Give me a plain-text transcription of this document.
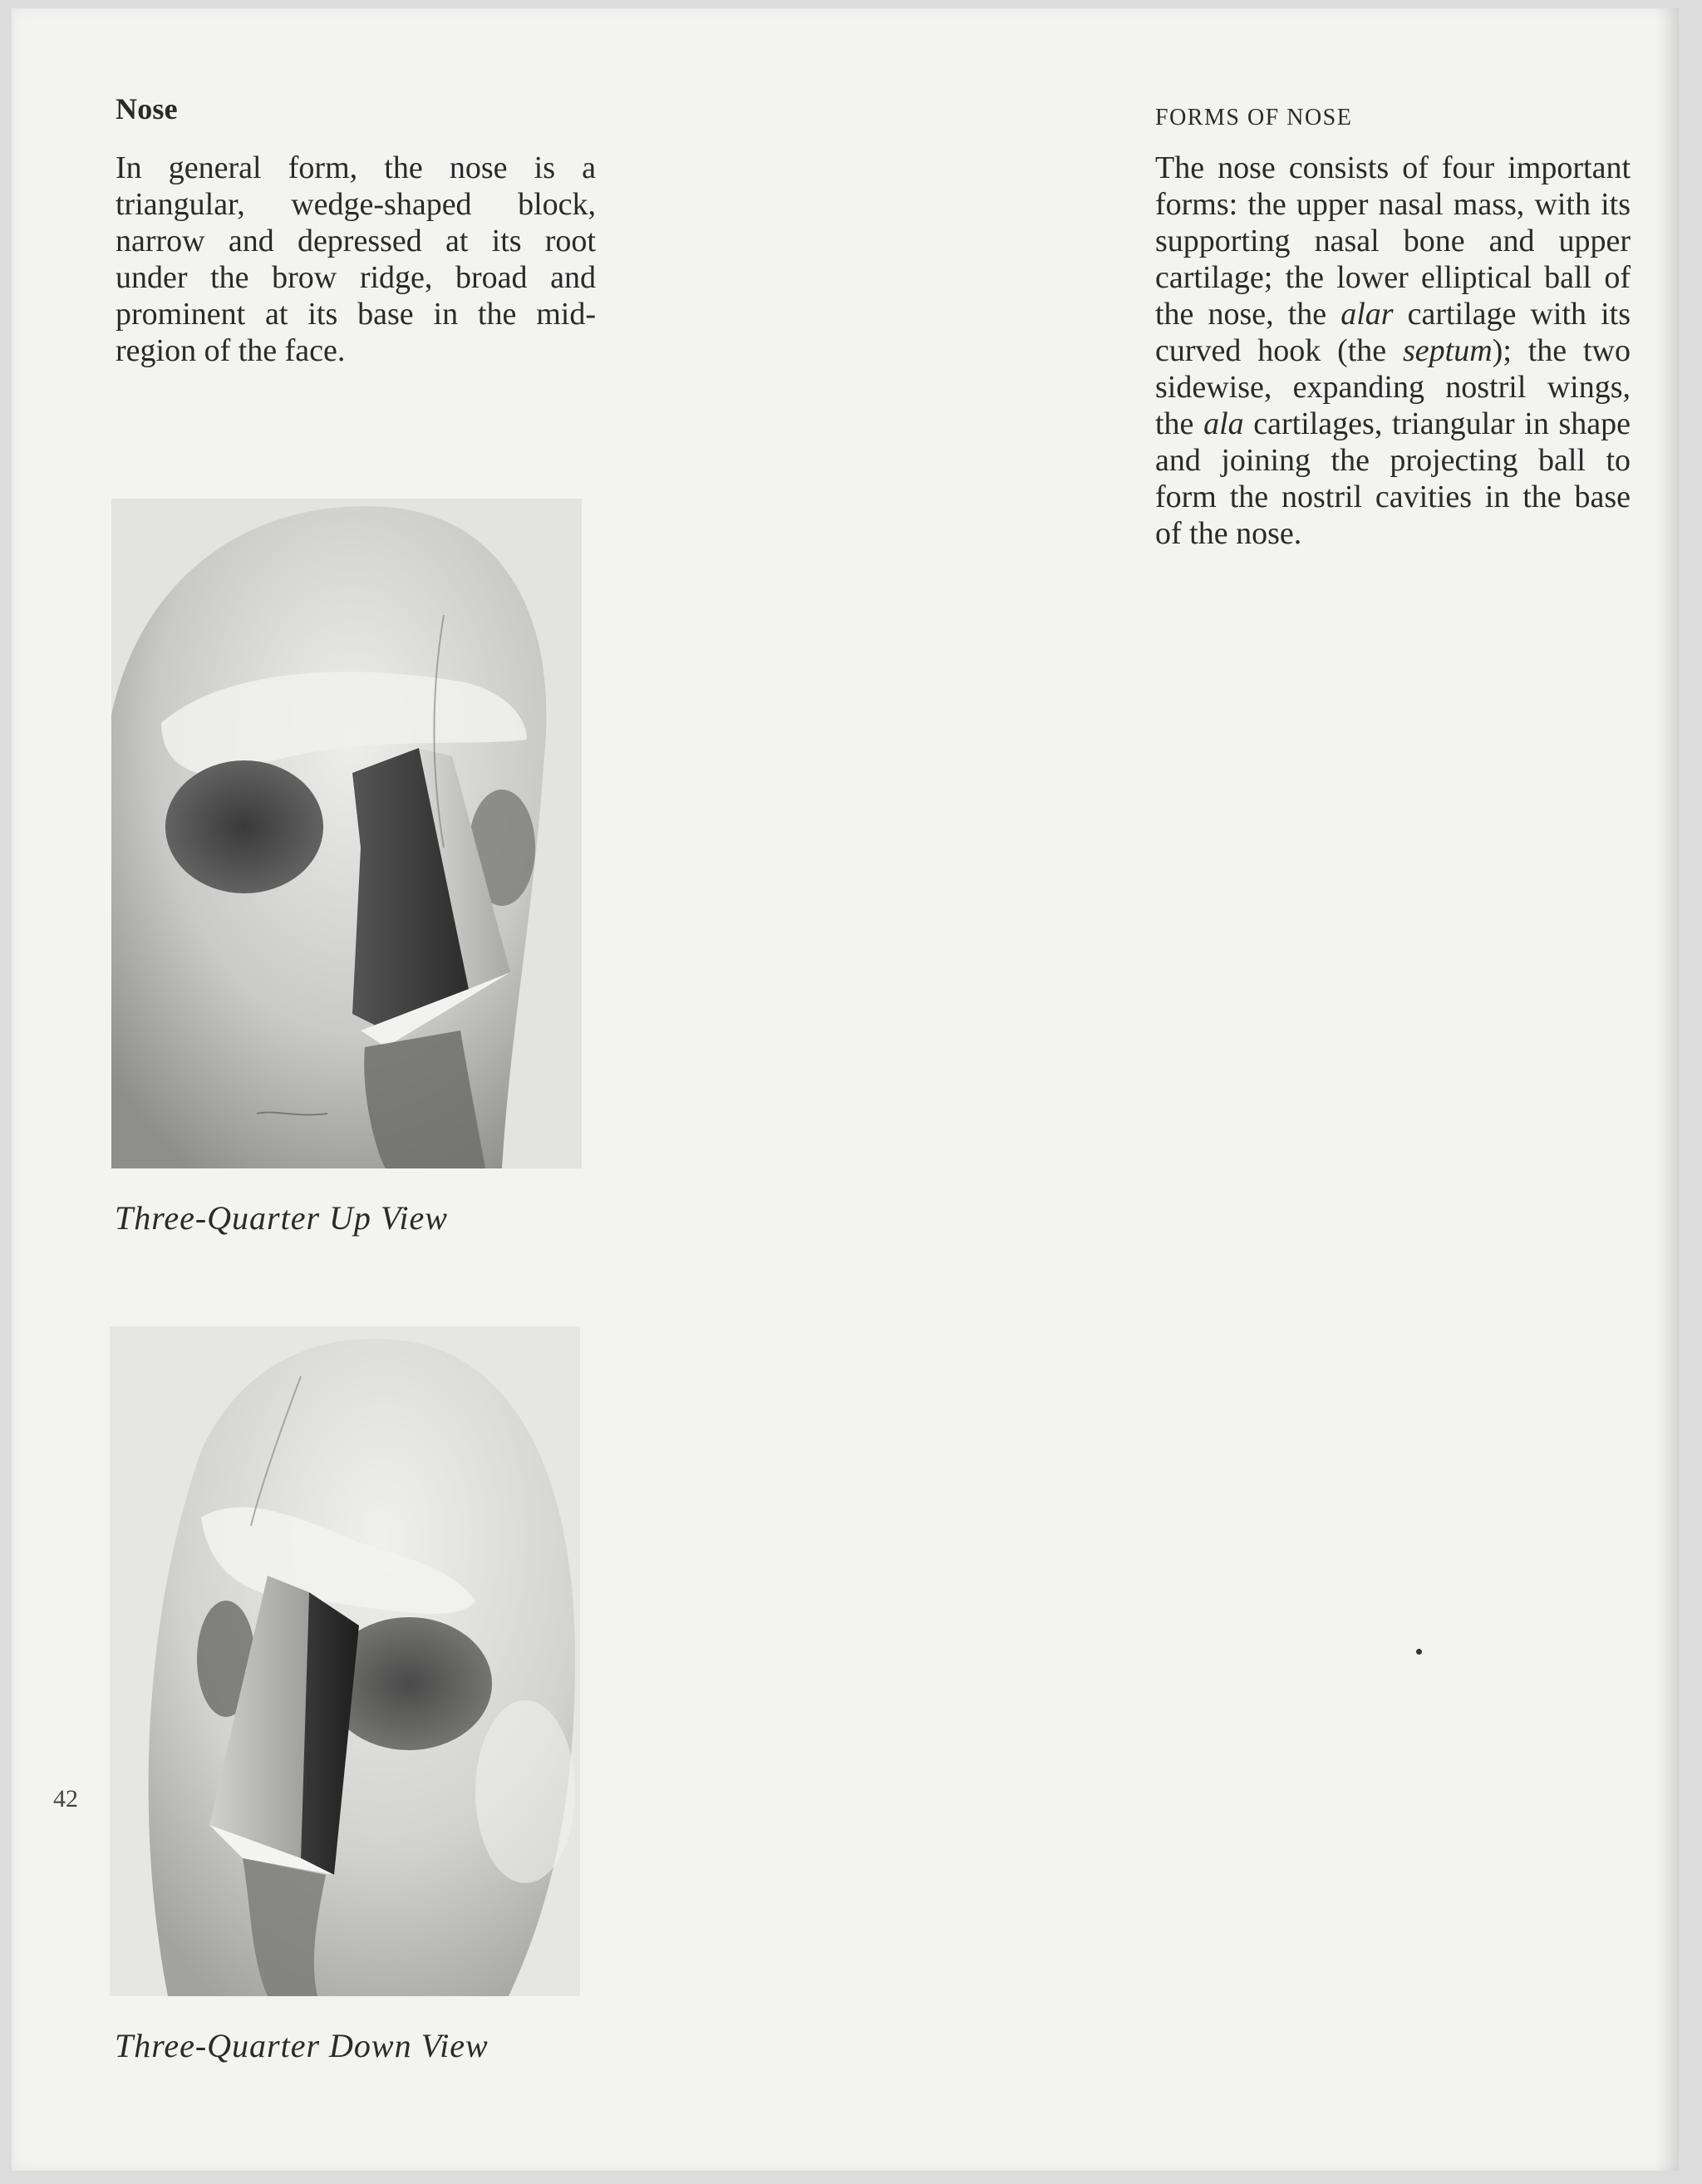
Nose

In general form, the nose is a triangular, wedge-shaped block, narrow and depressed at its root under the brow ridge, broad and prominent at its base in the mid-region of the face.

FORMS OF NOSE

The nose consists of four important forms: the upper nasal mass, with its supporting nasal bone and upper cartilage; the lower elliptical ball of the nose, the alar cartilage with its curved hook (the septum); the two sidewise, expanding nostril wings, the ala cartilages, triangular in shape and joining the projecting ball to form the nostril cavities in the base of the nose.

Three-Quarter Up View

Three-Quarter Down View

42
